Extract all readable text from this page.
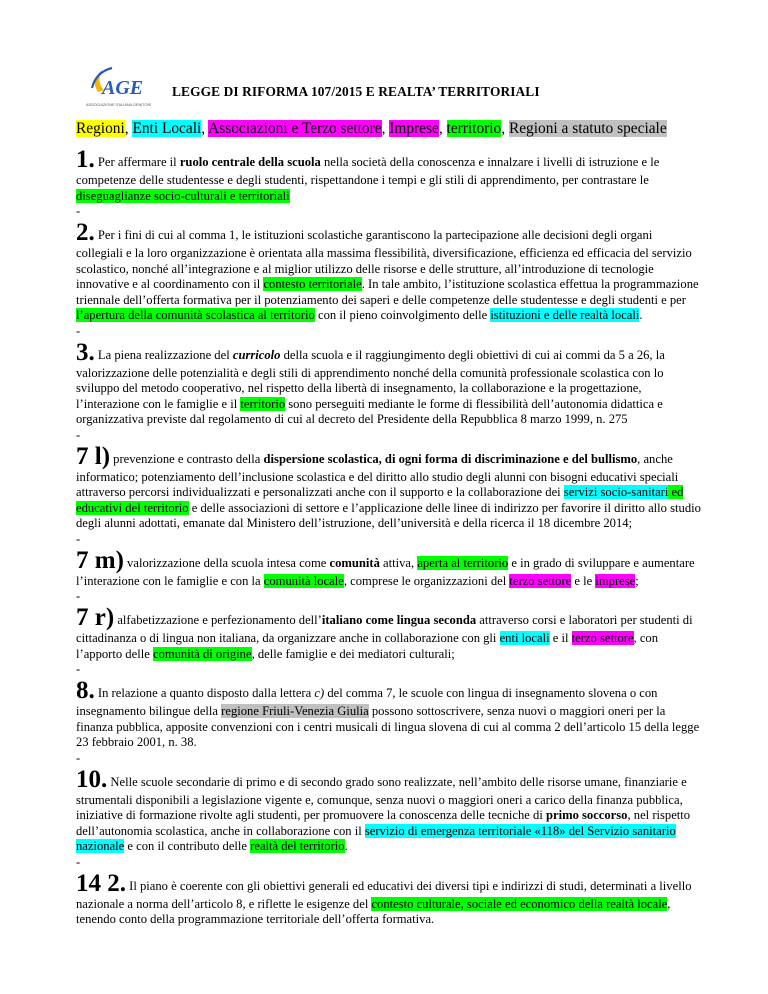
AGE
ASSOCIAZIONE ITALIANA GENITORI
LEGGE DI RIFORMA 107/2015 E REALTA’ TERRITORIALI
Regioni, Enti Locali, Associazioni e Terzo settore, Imprese, territorio, Regioni a statuto speciale

1. Per affermare il ruolo centrale della scuola nella società della conoscenza e innalzare i livelli di istruzione e le competenze delle studentesse e degli studenti, rispettandone i tempi e gli stili di apprendimento, per contrastare le diseguaglianze socio-culturali e territoriali

-

2. Per i fini di cui al comma 1, le istituzioni scolastiche garantiscono la partecipazione alle decisioni degli organi collegiali e la loro organizzazione è orientata alla massima flessibilità, diversificazione, efficienza ed efficacia del servizio scolastico, nonché all’integrazione e al miglior utilizzo delle risorse e delle strutture, all’introduzione di tecnologie innovative e al coordinamento con il contesto territoriale. In tale ambito, l’istituzione scolastica effettua la programmazione triennale dell’offerta formativa per il potenziamento dei saperi e delle competenze delle studentesse e degli studenti e per l’apertura della comunità scolastica al territorio con il pieno coinvolgimento delle istituzioni e delle realtà locali.

-

3. La piena realizzazione del curricolo della scuola e il raggiungimento degli obiettivi di cui ai commi da 5 a 26, la valorizzazione delle potenzialità e degli stili di apprendimento nonché della comunità professionale scolastica con lo sviluppo del metodo cooperativo, nel rispetto della libertà di insegnamento, la collaborazione e la progettazione, l’interazione con le famiglie e il territorio sono perseguiti mediante le forme di flessibilità dell’autonomia didattica e organizzativa previste dal regolamento di cui al decreto del Presidente della Repubblica 8 marzo 1999, n. 275

-

7 l) prevenzione e contrasto della dispersione scolastica, di ogni forma di discriminazione e del bullismo, anche informatico; potenziamento dell’inclusione scolastica e del diritto allo studio degli alunni con bisogni educativi speciali attraverso percorsi individualizzati e personalizzati anche con il supporto e la collaborazione dei servizi socio-sanitari ed educativi del territorio e delle associazioni di settore e l’applicazione delle linee di indirizzo per favorire il diritto allo studio degli alunni adottati, emanate dal Ministero dell’istruzione, dell’università e della ricerca il 18 dicembre 2014;

-

7 m) valorizzazione della scuola intesa come comunità attiva, aperta al territorio e in grado di sviluppare e aumentare l’interazione con le famiglie e con la comunità locale, comprese le organizzazioni del terzo settore e le imprese;

-

7 r) alfabetizzazione e perfezionamento dell’italiano come lingua seconda attraverso corsi e laboratori per studenti di cittadinanza o di lingua non italiana, da organizzare anche in collaborazione con gli enti locali e il terzo settore, con l’apporto delle comunità di origine, delle famiglie e dei mediatori culturali;

-

8. In relazione a quanto disposto dalla lettera c) del comma 7, le scuole con lingua di insegnamento slovena o con insegnamento bilingue della regione Friuli-Venezia Giulia possono sottoscrivere, senza nuovi o maggiori oneri per la finanza pubblica, apposite convenzioni con i centri musicali di lingua slovena di cui al comma 2 dell’articolo 15 della legge 23 febbraio 2001, n. 38.

-

10. Nelle scuole secondarie di primo e di secondo grado sono realizzate, nell’ambito delle risorse umane, finanziarie e strumentali disponibili a legislazione vigente e, comunque, senza nuovi o maggiori oneri a carico della finanza pubblica, iniziative di formazione rivolte agli studenti, per promuovere la conoscenza delle tecniche di primo soccorso, nel rispetto dell’autonomia scolastica, anche in collaborazione con il servizio di emergenza territoriale «118» del Servizio sanitario nazionale e con il contributo delle realtà del territorio.

-

14 2. Il piano è coerente con gli obiettivi generali ed educativi dei diversi tipi e indirizzi di studi, determinati a livello nazionale a norma dell’articolo 8, e riflette le esigenze del contesto culturale, sociale ed economico della realtà locale, tenendo conto della programmazione territoriale dell’offerta formativa.
